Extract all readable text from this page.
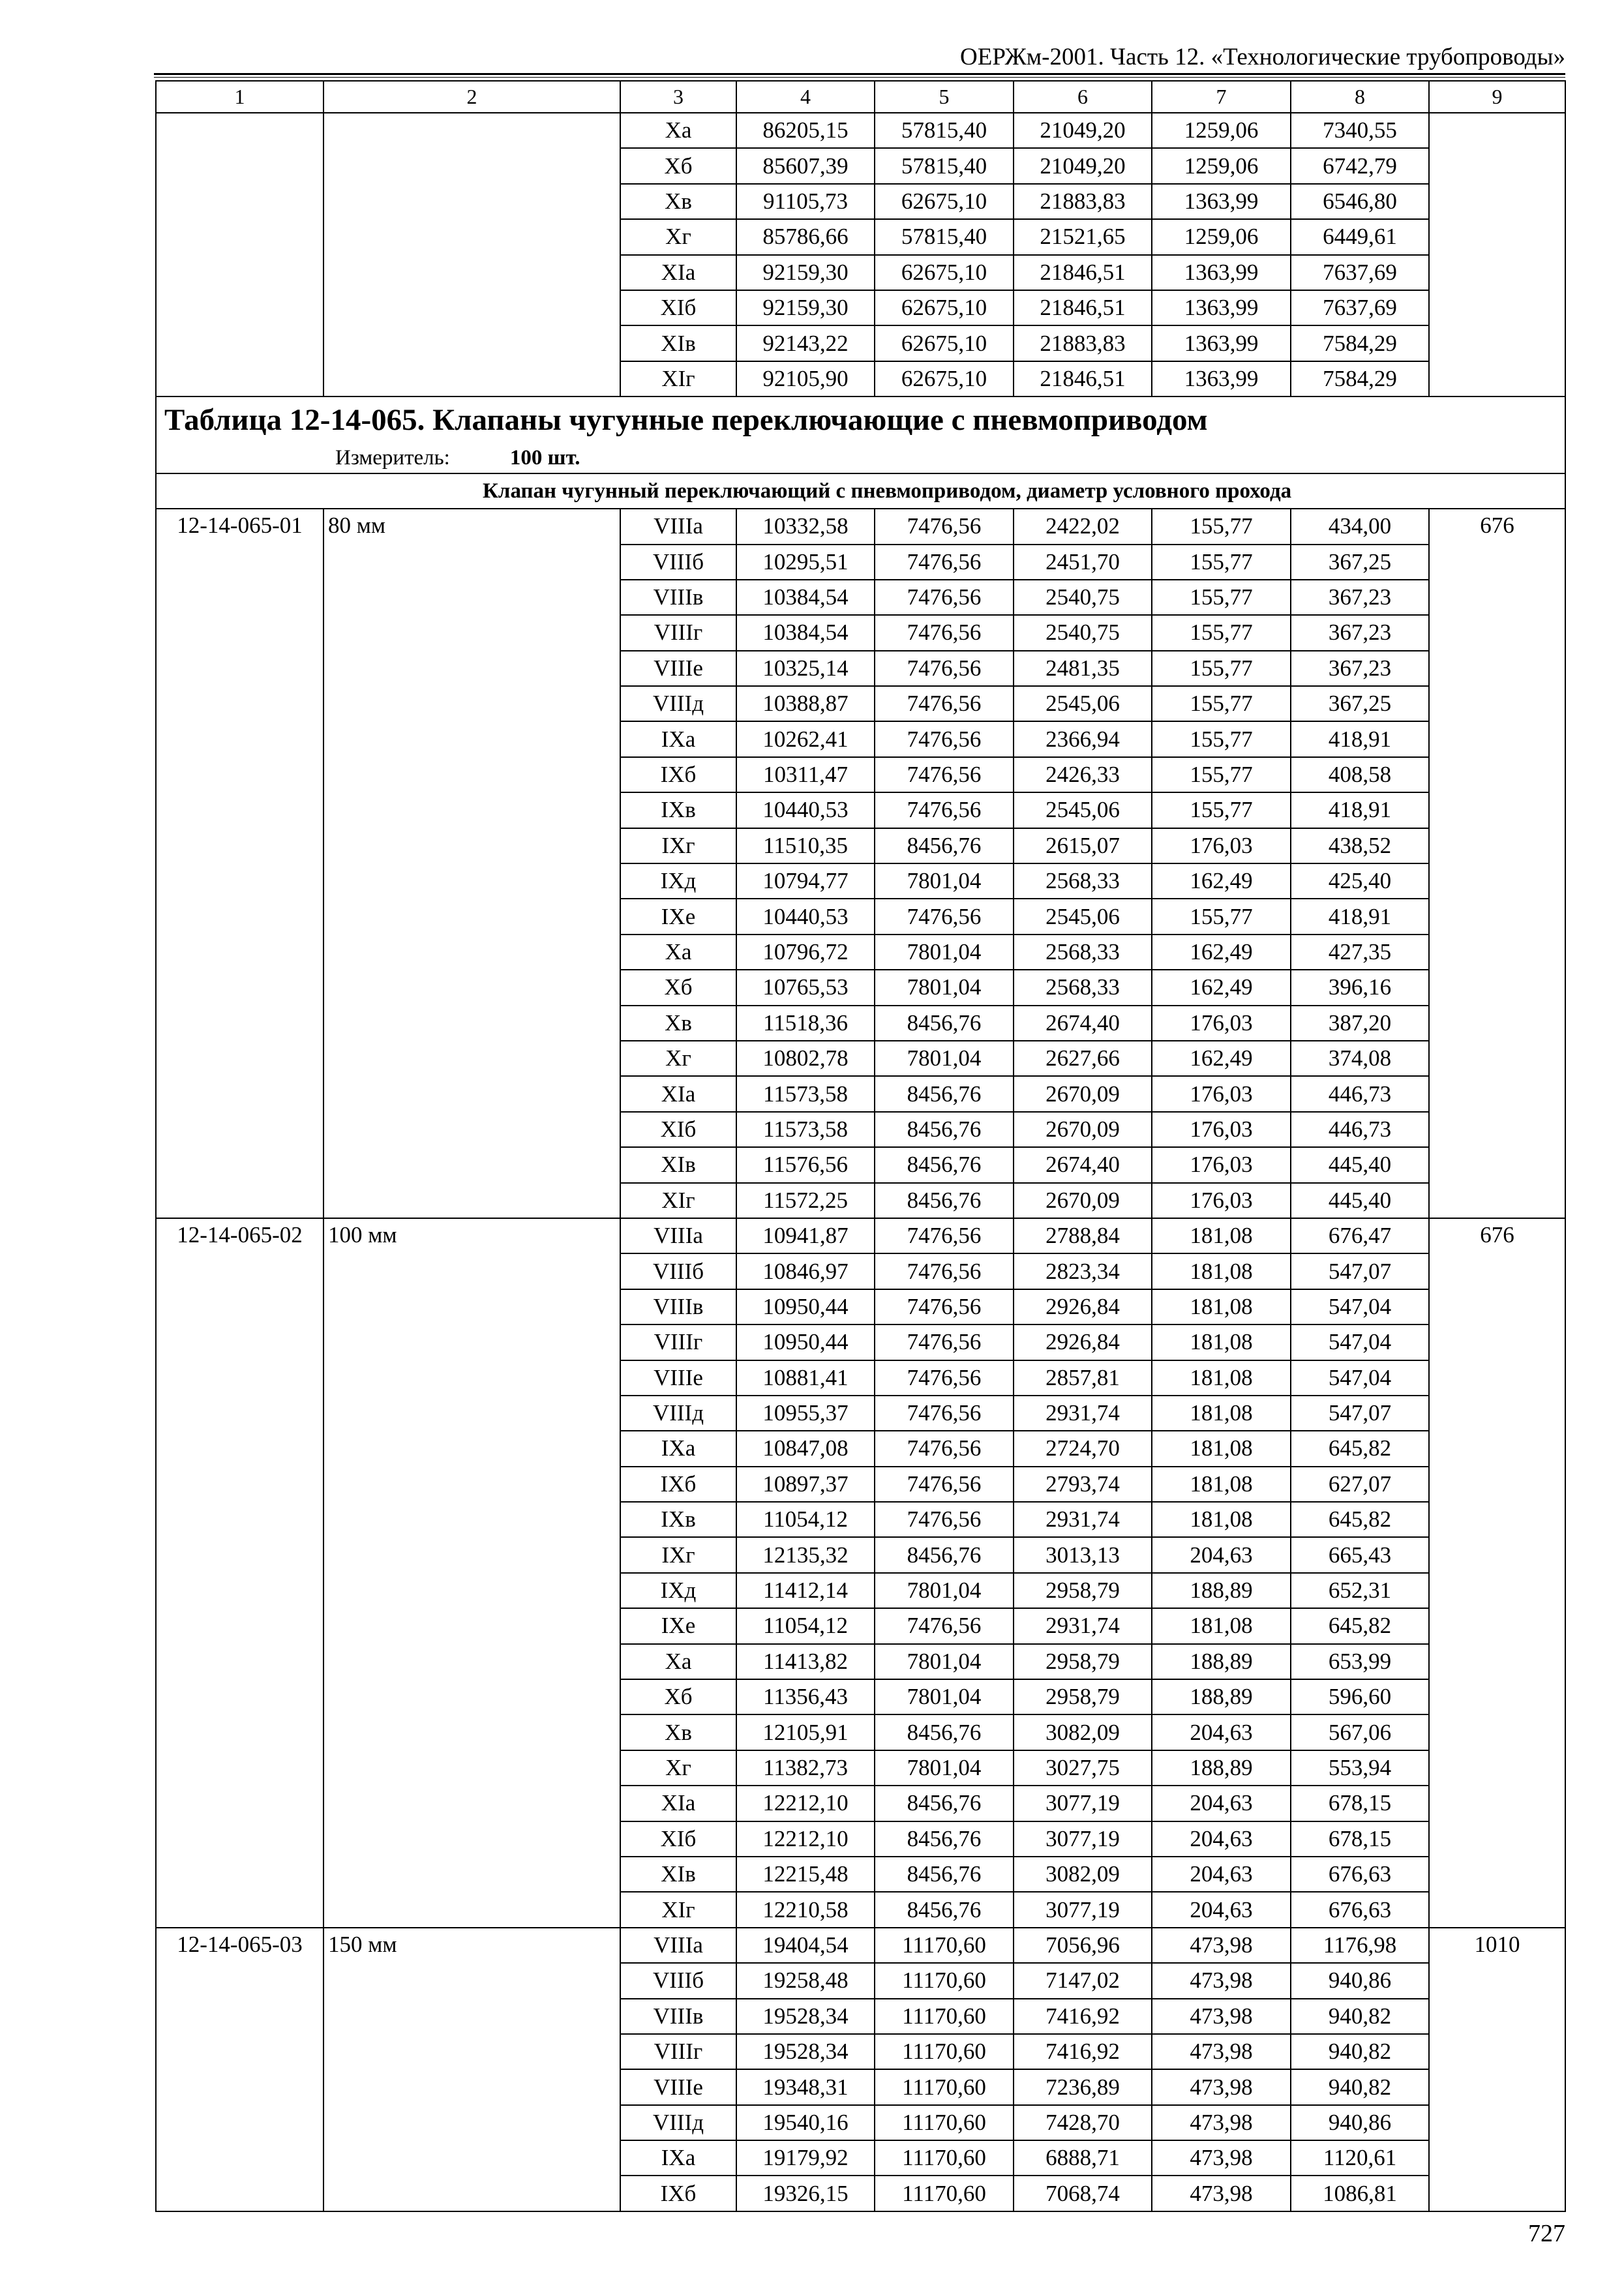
ОЕРЖм-2001. Часть 12. «Технологические трубопроводы»
1	2	3	4	5	6	7	8	9
		Xa	86205,15	57815,40	21049,20	1259,06	7340,55	
		Xб	85607,39	57815,40	21049,20	1259,06	6742,79	
		Xв	91105,73	62675,10	21883,83	1363,99	6546,80	
		Xг	85786,66	57815,40	21521,65	1259,06	6449,61	
		XIa	92159,30	62675,10	21846,51	1363,99	7637,69	
		XIб	92159,30	62675,10	21846,51	1363,99	7637,69	
		XIв	92143,22	62675,10	21883,83	1363,99	7584,29	
		XIг	92105,90	62675,10	21846,51	1363,99	7584,29	

Таблица 12-14-065. Клапаны чугунные переключающие с пневмоприводом
Измеритель: 100 шт.								

Клапан чугунный переключающий с пневмоприводом, диаметр условного прохода								
12-14-065-01	80 мм	VIIIa	10332,58	7476,56	2422,02	155,77	434,00	676
		VIIIб	10295,51	7476,56	2451,70	155,77	367,25	
		VIIIв	10384,54	7476,56	2540,75	155,77	367,23	
		VIIIг	10384,54	7476,56	2540,75	155,77	367,23	
		VIIIe	10325,14	7476,56	2481,35	155,77	367,23	
		VIIIд	10388,87	7476,56	2545,06	155,77	367,25	
		IXa	10262,41	7476,56	2366,94	155,77	418,91	
		IXб	10311,47	7476,56	2426,33	155,77	408,58	
		IXв	10440,53	7476,56	2545,06	155,77	418,91	
		IXг	11510,35	8456,76	2615,07	176,03	438,52	
		IXд	10794,77	7801,04	2568,33	162,49	425,40	
		IXe	10440,53	7476,56	2545,06	155,77	418,91	
		Xa	10796,72	7801,04	2568,33	162,49	427,35	
		Xб	10765,53	7801,04	2568,33	162,49	396,16	
		Xв	11518,36	8456,76	2674,40	176,03	387,20	
		Xг	10802,78	7801,04	2627,66	162,49	374,08	
		XIa	11573,58	8456,76	2670,09	176,03	446,73	
		XIб	11573,58	8456,76	2670,09	176,03	446,73	
		XIв	11576,56	8456,76	2674,40	176,03	445,40	
		XIг	11572,25	8456,76	2670,09	176,03	445,40	
12-14-065-02	100 мм	VIIIa	10941,87	7476,56	2788,84	181,08	676,47	676
		VIIIб	10846,97	7476,56	2823,34	181,08	547,07	
		VIIIв	10950,44	7476,56	2926,84	181,08	547,04	
		VIIIг	10950,44	7476,56	2926,84	181,08	547,04	
		VIIIe	10881,41	7476,56	2857,81	181,08	547,04	
		VIIIд	10955,37	7476,56	2931,74	181,08	547,07	
		IXa	10847,08	7476,56	2724,70	181,08	645,82	
		IXб	10897,37	7476,56	2793,74	181,08	627,07	
		IXв	11054,12	7476,56	2931,74	181,08	645,82	
		IXг	12135,32	8456,76	3013,13	204,63	665,43	
		IXд	11412,14	7801,04	2958,79	188,89	652,31	
		IXe	11054,12	7476,56	2931,74	181,08	645,82	
		Xa	11413,82	7801,04	2958,79	188,89	653,99	
		Xб	11356,43	7801,04	2958,79	188,89	596,60	
		Xв	12105,91	8456,76	3082,09	204,63	567,06	
		Xг	11382,73	7801,04	3027,75	188,89	553,94	
		XIa	12212,10	8456,76	3077,19	204,63	678,15	
		XIб	12212,10	8456,76	3077,19	204,63	678,15	
		XIв	12215,48	8456,76	3082,09	204,63	676,63	
		XIг	12210,58	8456,76	3077,19	204,63	676,63	
12-14-065-03	150 мм	VIIIa	19404,54	11170,60	7056,96	473,98	1176,98	1010
		VIIIб	19258,48	11170,60	7147,02	473,98	940,86	
		VIIIв	19528,34	11170,60	7416,92	473,98	940,82	
		VIIIг	19528,34	11170,60	7416,92	473,98	940,82	
		VIIIe	19348,31	11170,60	7236,89	473,98	940,82	
		VIIIд	19540,16	11170,60	7428,70	473,98	940,86	
		IXa	19179,92	11170,60	6888,71	473,98	1120,61	
		IXб	19326,15	11170,60	7068,74	473,98	1086,81	
727
